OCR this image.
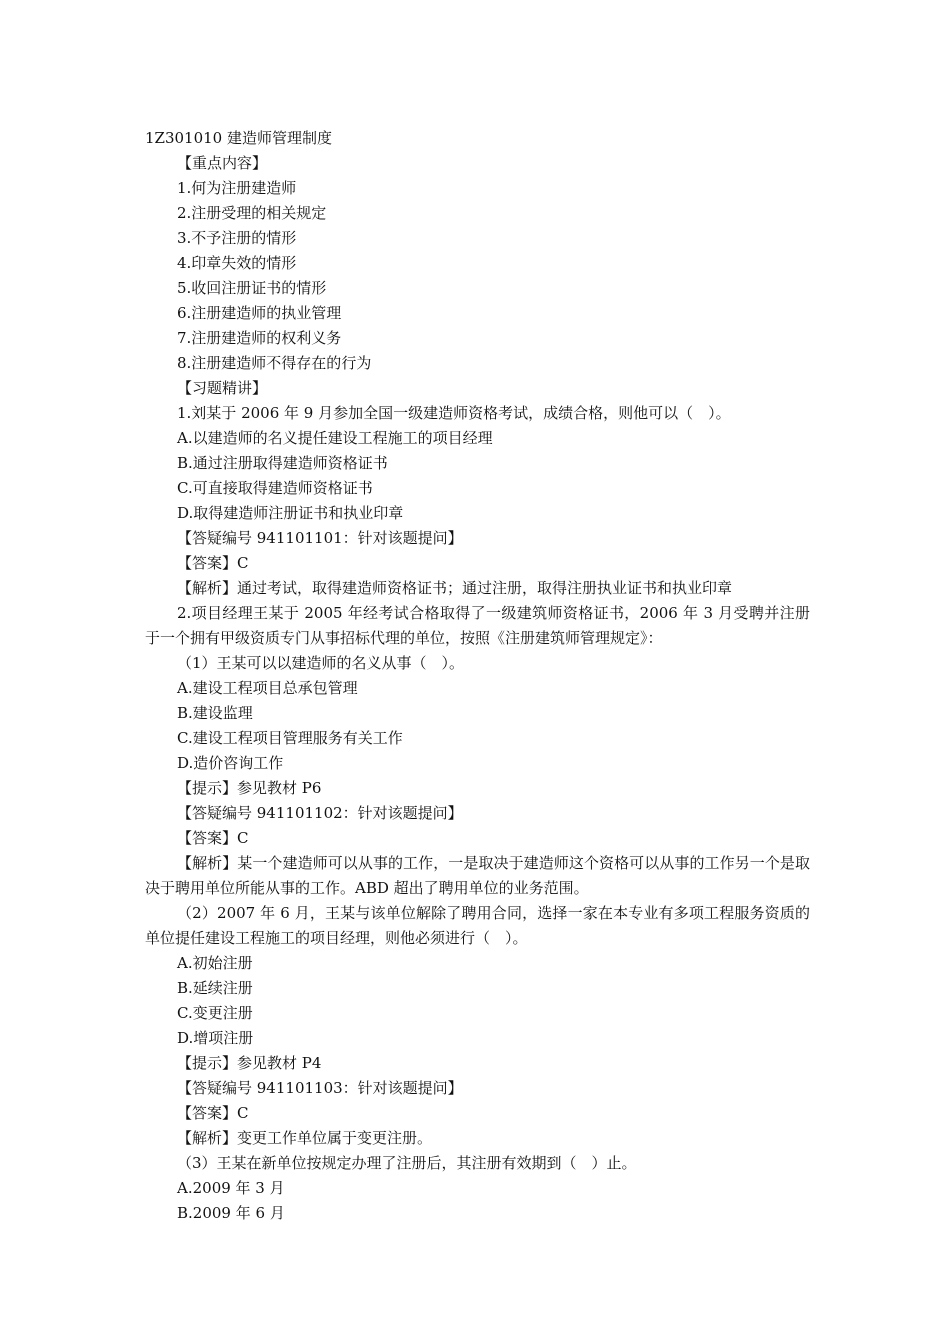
1Z301010 建造师管理制度
【重点内容】
1.何为注册建造师
2.注册受理的相关规定
3.不予注册的情形
4.印章失效的情形
5.收回注册证书的情形
6.注册建造师的执业管理
7.注册建造师的权利义务
8.注册建造师不得存在的行为
【习题精讲】
1.刘某于 2006 年 9 月参加全国一级建造师资格考试，成绩合格，则他可以（　）。
A.以建造师的名义提任建设工程施工的项目经理
B.通过注册取得建造师资格证书
C.可直接取得建造师资格证书
D.取得建造师注册证书和执业印章
【答疑编号 941101101：针对该题提问】
【答案】C
【解析】通过考试，取得建造师资格证书；通过注册，取得注册执业证书和执业印章
2.项目经理王某于 2005 年经考试合格取得了一级建筑师资格证书，2006 年 3 月受聘并注册于一个拥有甲级资质专门从事招标代理的单位，按照《注册建筑师管理规定》：
（1）王某可以以建造师的名义从事（　）。
A.建设工程项目总承包管理
B.建设监理
C.建设工程项目管理服务有关工作
D.造价咨询工作
【提示】参见教材 P6
【答疑编号 941101102：针对该题提问】
【答案】C
【解析】某一个建造师可以从事的工作，一是取决于建造师这个资格可以从事的工作另一个是取决于聘用单位所能从事的工作。ABD 超出了聘用单位的业务范围。
（2）2007 年 6 月，王某与该单位解除了聘用合同，选择一家在本专业有多项工程服务资质的单位提任建设工程施工的项目经理，则他必须进行（　）。
A.初始注册
B.延续注册
C.变更注册
D.增项注册
【提示】参见教材 P4
【答疑编号 941101103：针对该题提问】
【答案】C
【解析】变更工作单位属于变更注册。
（3）王某在新单位按规定办理了注册后，其注册有效期到（　）止。
A.2009 年 3 月
B.2009 年 6 月
